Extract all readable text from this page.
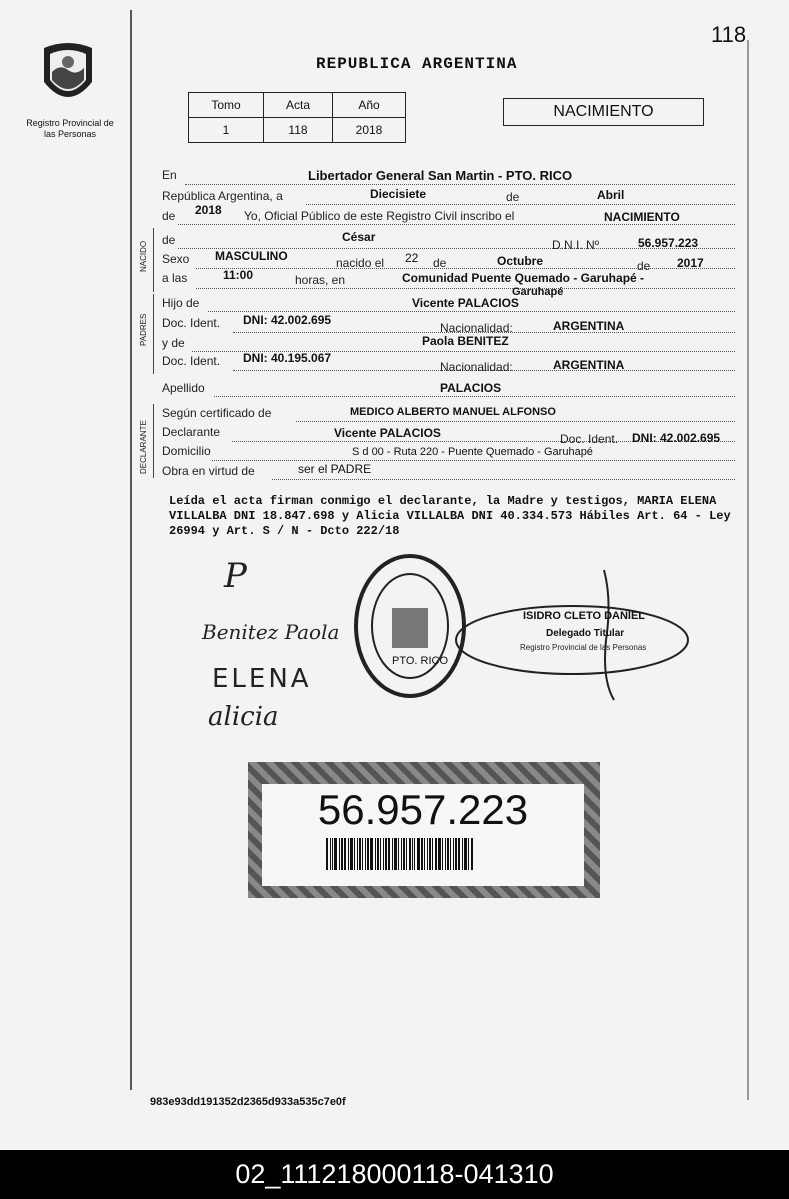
118
Registro Provincial de las Personas
REPUBLICA ARGENTINA
Tomo	Acta	Año
1	118	2018
NACIMIENTO
En	Libertador General San Martin - PTO. RICO
República Argentina, a	Diecisiete	de	Abril
de 2018 Yo, Oficial Público de este Registro Civil inscribo el	NACIMIENTO
NACIDO
de	César
D.N.I. Nº	56.957.223
Sexo MASCULINO	nacido el 22 de	Octubre	de 2017
a las	11:00	horas, en	Comunidad Puente Quemado - Garuhapé -
Garuhapé
PADRES
Hijo de	Vicente PALACIOS
Doc. Ident. DNI: 42.002.695
Nacionalidad:	ARGENTINA
y de	Paola BENITEZ
Doc. Ident. DNI: 40.195.067
Nacionalidad:	ARGENTINA
Apellido	PALACIOS
DECLARANTE
Según certificado de	MEDICO ALBERTO MANUEL ALFONSO
Declarante	Vicente PALACIOS	Doc. Ident. DNI: 42.002.695
Domicilio	S d 00 - Ruta 220 - Puente Quemado - Garuhapé
Obra en virtud de	ser el PADRE
Leída el acta firman conmigo el declarante, la Madre y testigos, MARIA ELENA VILLALBA DNI 18.847.698 y Alicia VILLALBA DNI 40.334.573 Hábiles Art. 64 - Ley 26994 y Art. S / N - Dcto 222/18
P
Benitez Paola
ELENA
alicia
PTO. RICO
ISIDRO CLETO DANIEL
Delegado Titular
Registro Provincial de las Personas
56.957.223
983e93dd191352d2365d933a535c7e0f
02_111218000118-041310
